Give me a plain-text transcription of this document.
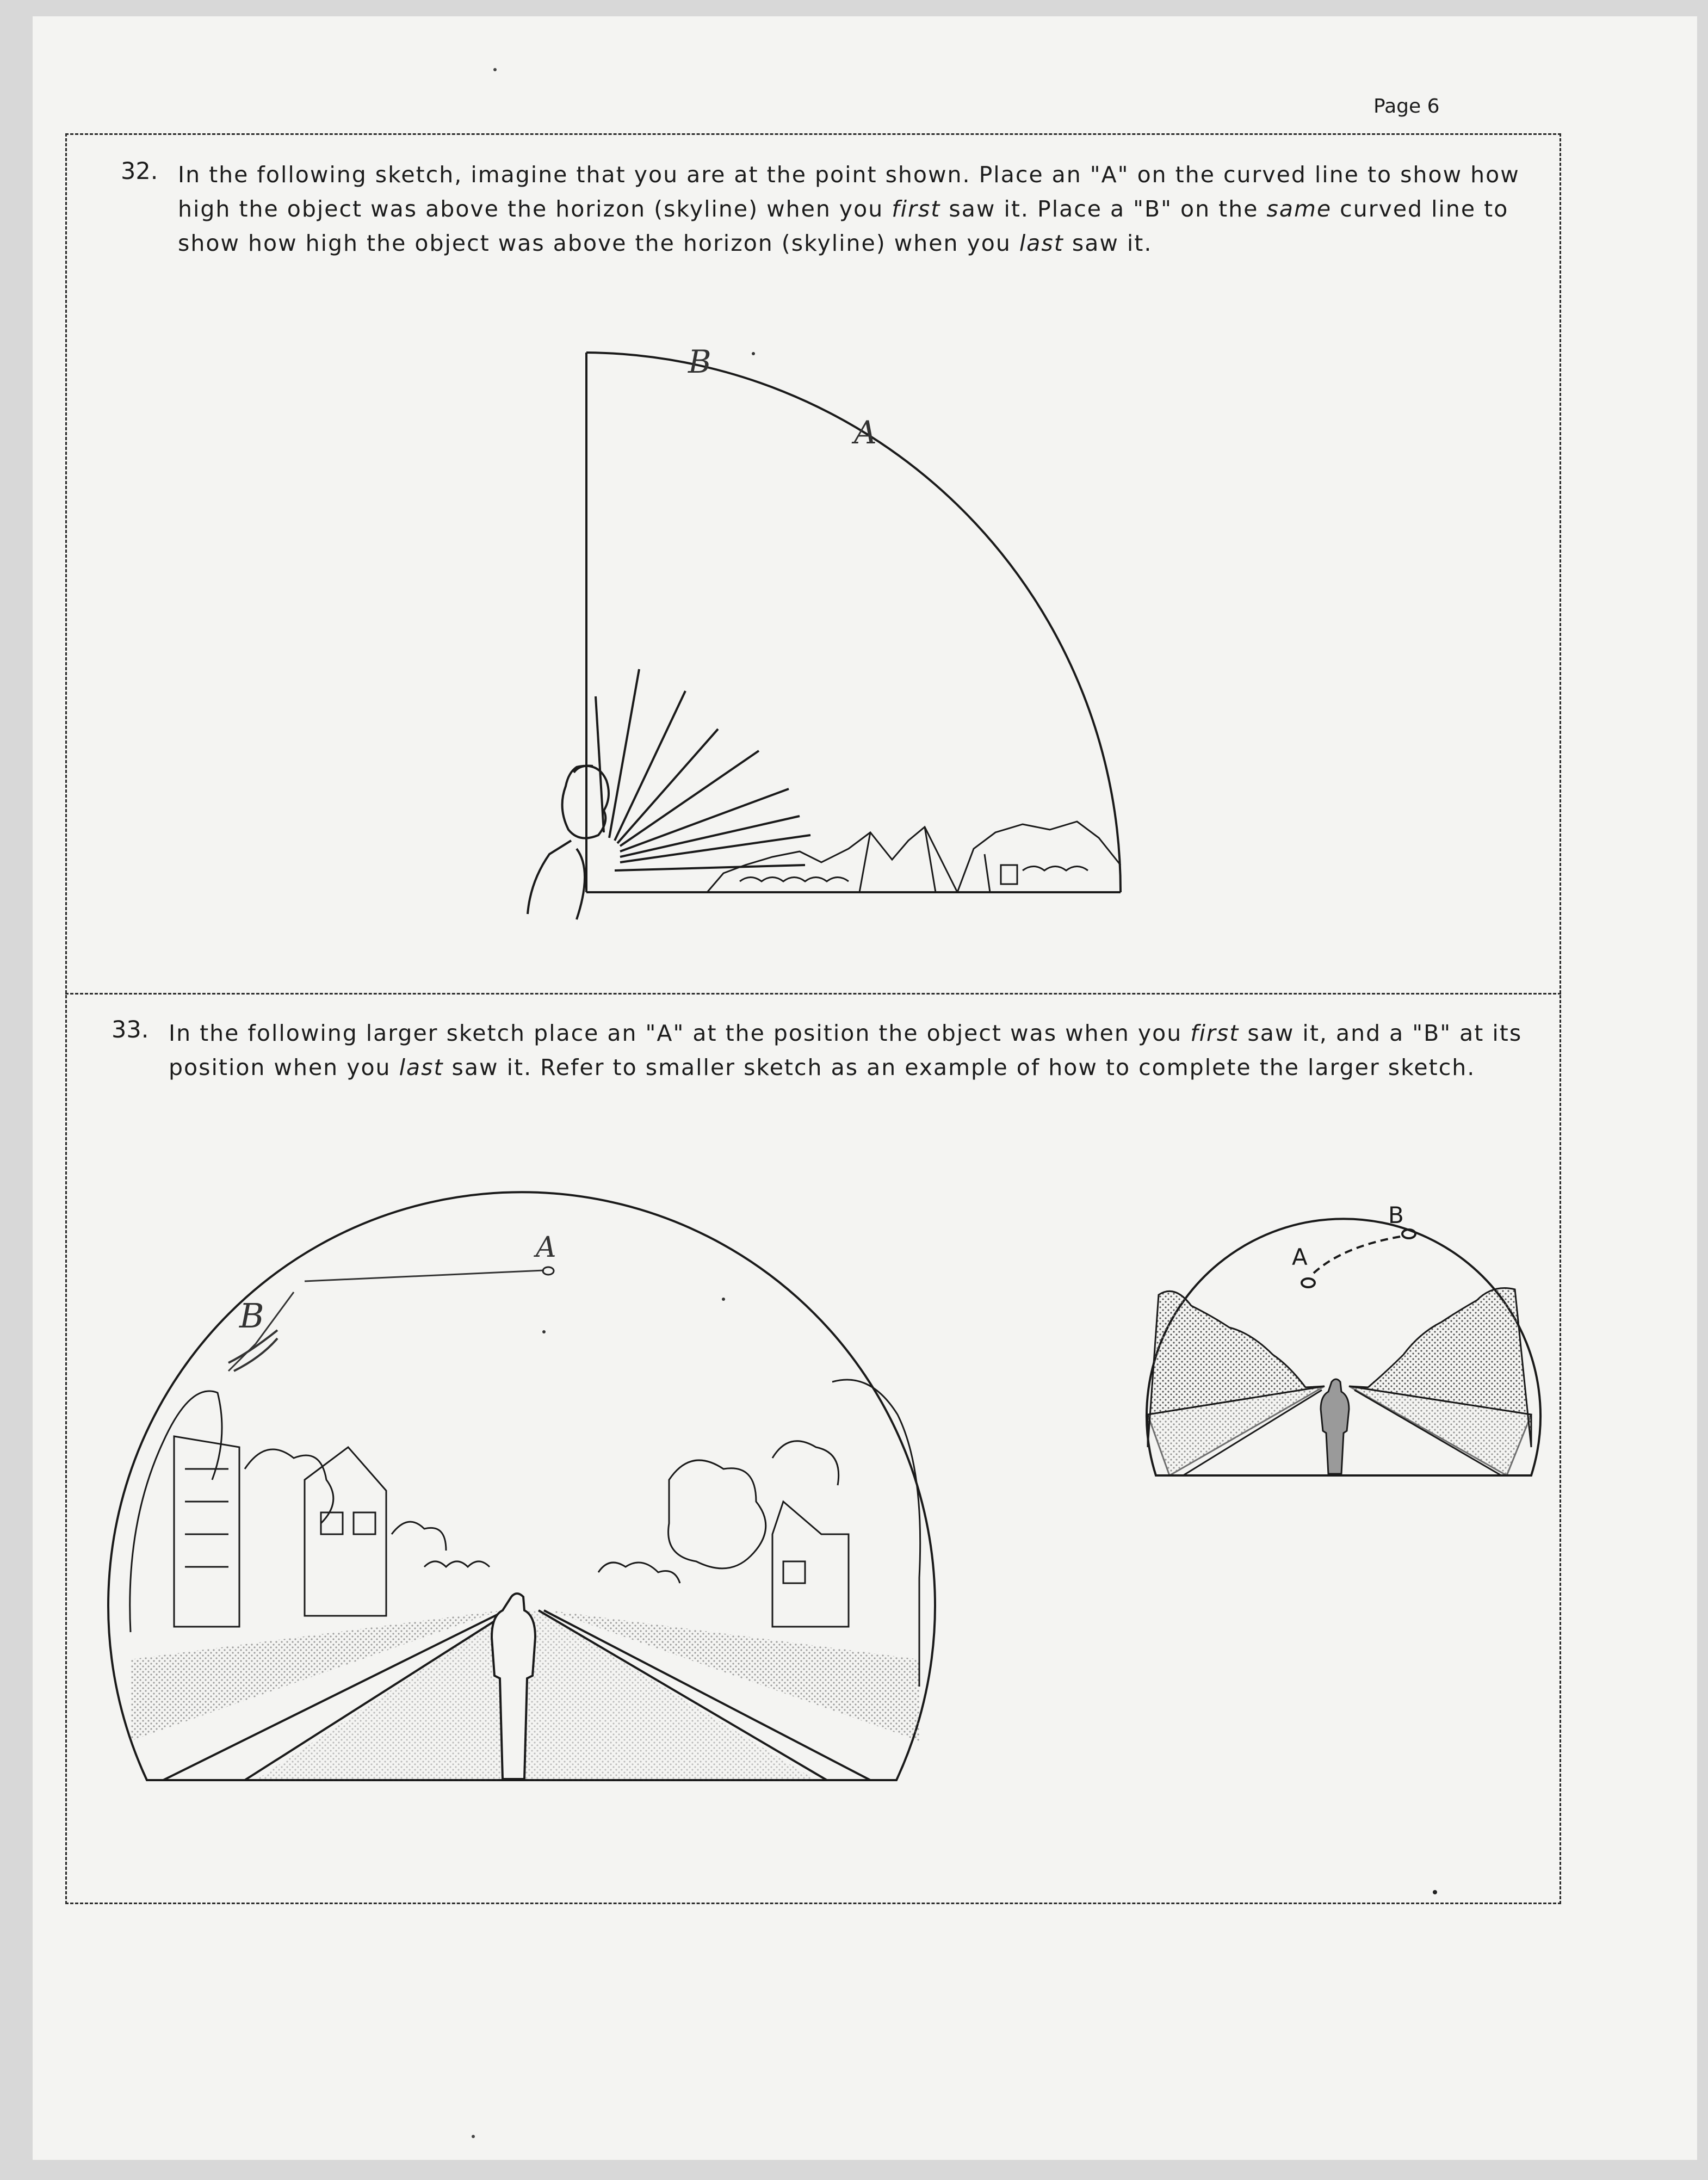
Page 6
32. In the following sketch, imagine that you are at the point shown. Place an "A" on the curved line to show how
high the object was above the horizon (skyline) when you first saw it. Place a "B" on the same curved line to
show how high the object was above the horizon (skyline) when you last saw it.
B
A
33. In the following larger sketch place an "A" at the position the object was when you first saw it, and a "B" at its
position when you last saw it. Refer to smaller sketch as an example of how to complete the larger sketch.
A
B
A
B
